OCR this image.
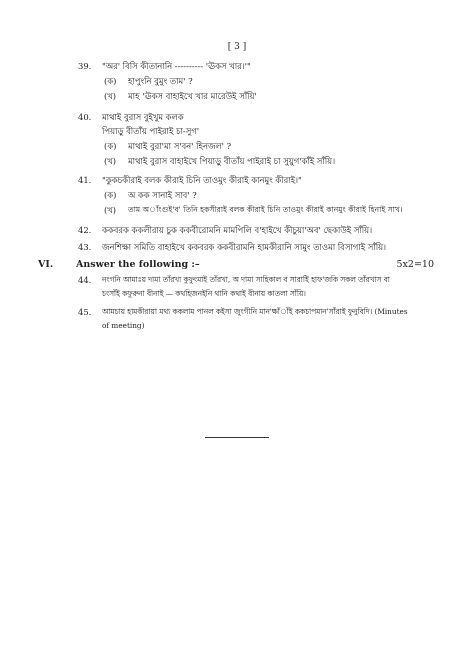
[ 3 ]
39.	"অর' বিসি কীতানানি ---------- 'ঊকস খার।'"
(ক) হাপুংনি বুমুং তাম' ?
(খ) মাহ 'ঊকস বাহাইখে খার মারেউই সাঁয়ি'
40.	মাথাই বুরাস বুইখুম কলক
পিয়াড়ু বীতাঁয় পাইরাই চা-সুগ'
(ক) মাথাই বুরা'মা স'বন' হিনজল' ?
(খ) মাথাই বুরাস বাহাইখে পিয়াড়ু বীতাঁয় পাইরাই চা সুয়ুগ'কাঁই সাঁয়ি।
41.	"কুকচকীরাই বলক কীরাই চিনি তাওমুং কীরাই কানমুং কীরাই।"
(ক) অ কক সানাই সাব' ?
(খ) তাম অাঁংগুই'ব' তিনি হকসীরাই বলক কীরাই চিনি তাওমুং কীরাই কানমুং কীরাই হিনাই সাখ।
42.	ককবরক ককলীরায় চুক ককবীরোমনি মামপিলি ব'হাইখে কীচুয়া'অব' ছেকাউই সাঁয়ি।
43.	জনশিক্ষা সমিতি বাহাইখে ককবরক ককবীরামনি হামকীরানি সামুং তাওমা বিসাগাই সাঁয়ি।
VI. Answer the following :–	5x2=10
44.	নংগনি আমাঃয় দামা তাঁরখা কুফুংমাই তাঁরখা, অ দামা সাহিকাল ব সারাইি হাফ'জকি সকল তাঁরখাস বা
চংসাঁই কফুরুনা বীনাই — কথহিজনইনি থানি কথাই বীনায় কাতলা সাঁয়ি।
45.	আমচায় হামকীরায়া মথ্য ককলাম পানল কইসা জুংগীনি মান'ক্ষাঁাঁই ককচাপমান'সাঁরাই ফুনুবিদি। (Minutes
of meeting)
